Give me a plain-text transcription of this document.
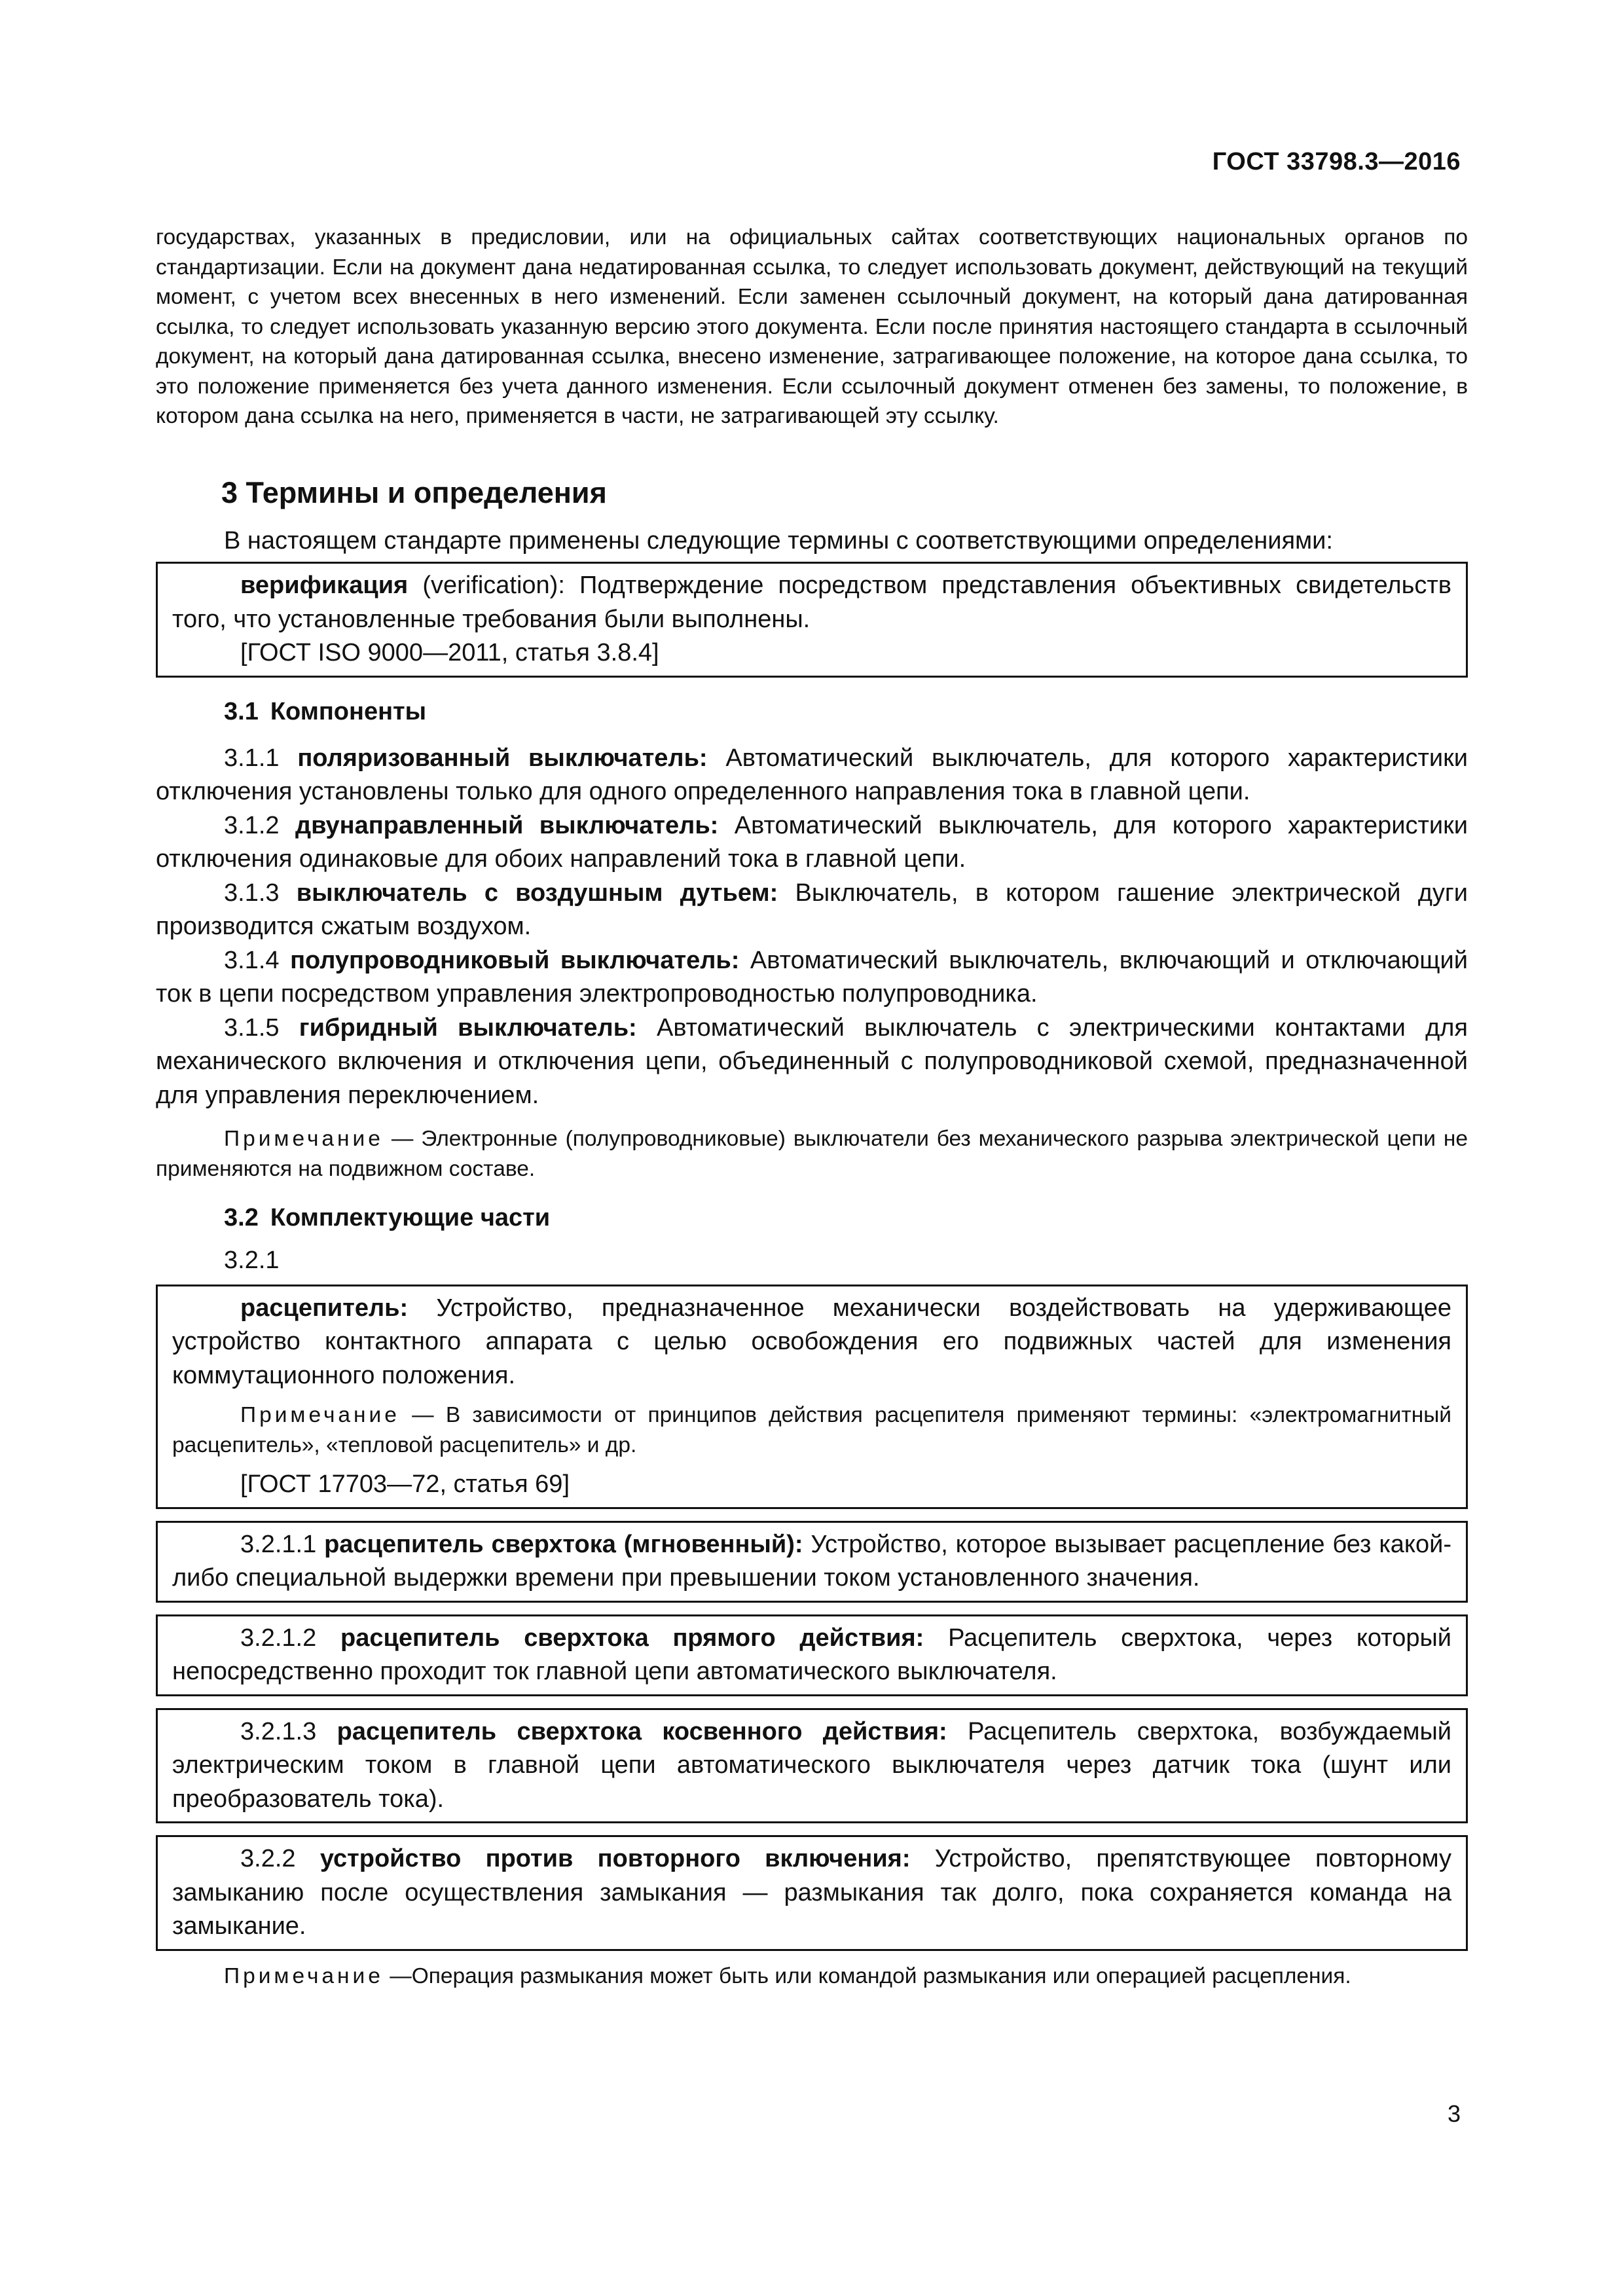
ГОСТ 33798.3—2016

государствах, указанных в предисловии, или на официальных сайтах соответствующих национальных органов по стандартизации. Если на документ дана недатированная ссылка, то следует использовать документ, действующий на текущий момент, с учетом всех внесенных в него изменений. Если заменен ссылочный документ, на который дана датированная ссылка, то следует использовать указанную версию этого документа. Если после принятия настоящего стандарта в ссылочный документ, на который дана датированная ссылка, внесено изменение, затрагивающее положение, на которое дана ссылка, то это положение применяется без учета данного изменения. Если ссылочный документ отменен без замены, то положение, в котором дана ссылка на него, применяется в части, не затрагивающей эту ссылку.

3 Термины и определения

В настоящем стандарте применены следующие термины с соответствующими определениями:

верификация (verification): Подтверждение посредством представления объективных свидетельств того, что установленные требования были выполнены.

[ГОСТ ISO 9000—2011, статья 3.8.4]

3.1 Компоненты

3.1.1 поляризованный выключатель: Автоматический выключатель, для которого характеристики отключения установлены только для одного определенного направления тока в главной цепи.

3.1.2 двунаправленный выключатель: Автоматический выключатель, для которого характеристики отключения одинаковые для обоих направлений тока в главной цепи.

3.1.3 выключатель с воздушным дутьем: Выключатель, в котором гашение электрической дуги производится сжатым воздухом.

3.1.4 полупроводниковый выключатель: Автоматический выключатель, включающий и отключающий ток в цепи посредством управления электропроводностью полупроводника.

3.1.5 гибридный выключатель: Автоматический выключатель с электрическими контактами для механического включения и отключения цепи, объединенный с полупроводниковой схемой, предназначенной для управления переключением.

Примечание — Электронные (полупроводниковые) выключатели без механического разрыва электрической цепи не применяются на подвижном составе.

3.2 Комплектующие части

3.2.1

расцепитель: Устройство, предназначенное механически воздействовать на удерживающее устройство контактного аппарата с целью освобождения его подвижных частей для изменения коммутационного положения.

Примечание — В зависимости от принципов действия расцепителя применяют термины: «электромагнитный расцепитель», «тепловой расцепитель» и др.

[ГОСТ 17703—72, статья 69]

3.2.1.1 расцепитель сверхтока (мгновенный): Устройство, которое вызывает расцепление без какой-либо специальной выдержки времени при превышении током установленного значения.

3.2.1.2 расцепитель сверхтока прямого действия: Расцепитель сверхтока, через который непосредственно проходит ток главной цепи автоматического выключателя.

3.2.1.3 расцепитель сверхтока косвенного действия: Расцепитель сверхтока, возбуждаемый электрическим током в главной цепи автоматического выключателя через датчик тока (шунт или преобразователь тока).

3.2.2 устройство против повторного включения: Устройство, препятствующее повторному замыканию после осуществления замыкания — размыкания так долго, пока сохраняется команда на замыкание.

Примечание —Операция размыкания может быть или командой размыкания или операцией расцепления.

3
